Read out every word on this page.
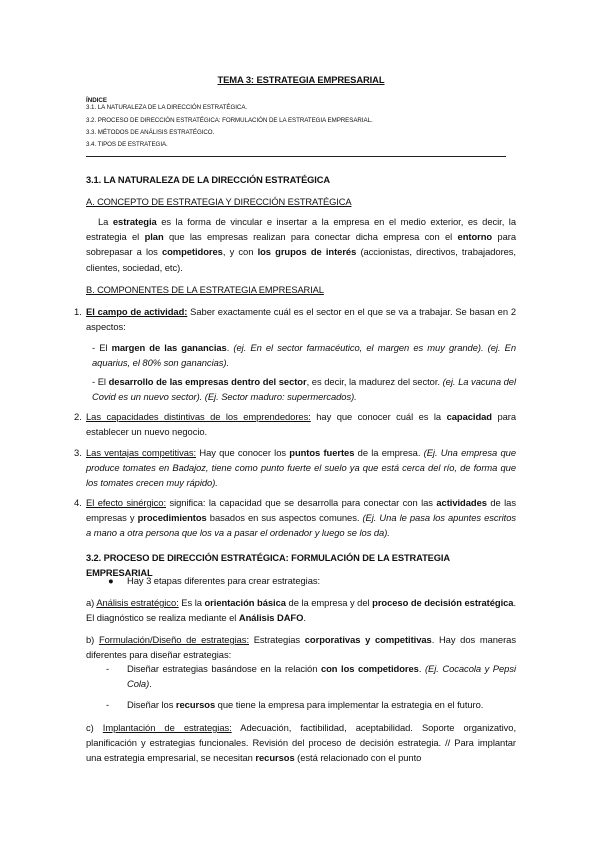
TEMA 3: ESTRATEGIA EMPRESARIAL
ÍNDICE
3.1. LA NATURALEZA DE LA DIRECCIÓN ESTRATÉGICA.
3.2. PROCESO DE DIRECCIÓN ESTRATÉGICA: FORMULACIÓN DE LA ESTRATEGIA EMPRESARIAL.
3.3. MÉTODOS DE ANÁLISIS ESTRATÉGICO.
3.4. TIPOS DE ESTRATEGIA.
3.1. LA NATURALEZA DE LA DIRECCIÓN ESTRATÉGICA
A. CONCEPTO DE ESTRATEGIA Y DIRECCIÓN ESTRATÉGICA
La estrategia es la forma de vincular e insertar a la empresa en el medio exterior, es decir, la estrategia el plan que las empresas realizan para conectar dicha empresa con el entorno para sobrepasar a los competidores, y con los grupos de interés (accionistas, directivos, trabajadores, clientes, sociedad, etc).
B. COMPONENTES DE LA ESTRATEGIA EMPRESARIAL
1. El campo de actividad: Saber exactamente cuál es el sector en el que se va a trabajar. Se basan en 2 aspectos:
- El margen de las ganancias. (ej. En el sector farmacéutico, el margen es muy grande). (ej. En aquarius, el 80% son ganancias).
- El desarrollo de las empresas dentro del sector, es decir, la madurez del sector. (ej. La vacuna del Covid es un nuevo sector). (Ej. Sector maduro: supermercados).
2. Las capacidades distintivas de los emprendedores: hay que conocer cuál es la capacidad para establecer un nuevo negocio.
3. Las ventajas competitivas: Hay que conocer los puntos fuertes de la empresa. (Ej. Una empresa que produce tomates en Badajoz, tiene como punto fuerte el suelo ya que está cerca del río, de forma que los tomates crecen muy rápido).
4. El efecto sinérgico: significa: la capacidad que se desarrolla para conectar con las actividades de las empresas y procedimientos basados en sus aspectos comunes. (Ej. Una le pasa los apuntes escritos a mano a otra persona que los va a pasar el ordenador y luego se los da).
3.2. PROCESO DE DIRECCIÓN ESTRATÉGICA: FORMULACIÓN DE LA ESTRATEGIA EMPRESARIAL
● Hay 3 etapas diferentes para crear estrategias:
a) Análisis estratégico: Es la orientación básica de la empresa y del proceso de decisión estratégica. El diagnóstico se realiza mediante el Análisis DAFO.
b) Formulación/Diseño de estrategias: Estrategias corporativas y competitivas. Hay dos maneras diferentes para diseñar estrategias:
- Diseñar estrategias basándose en la relación con los competidores. (Ej. Cocacola y Pepsi Cola).
- Diseñar los recursos que tiene la empresa para implementar la estrategia en el futuro.
c) Implantación de estrategias: Adecuación, factibilidad, aceptabilidad. Soporte organizativo, planificación y estrategias funcionales. Revisión del proceso de decisión estrategia. // Para implantar una estrategia empresarial, se necesitan recursos (está relacionado con el punto
